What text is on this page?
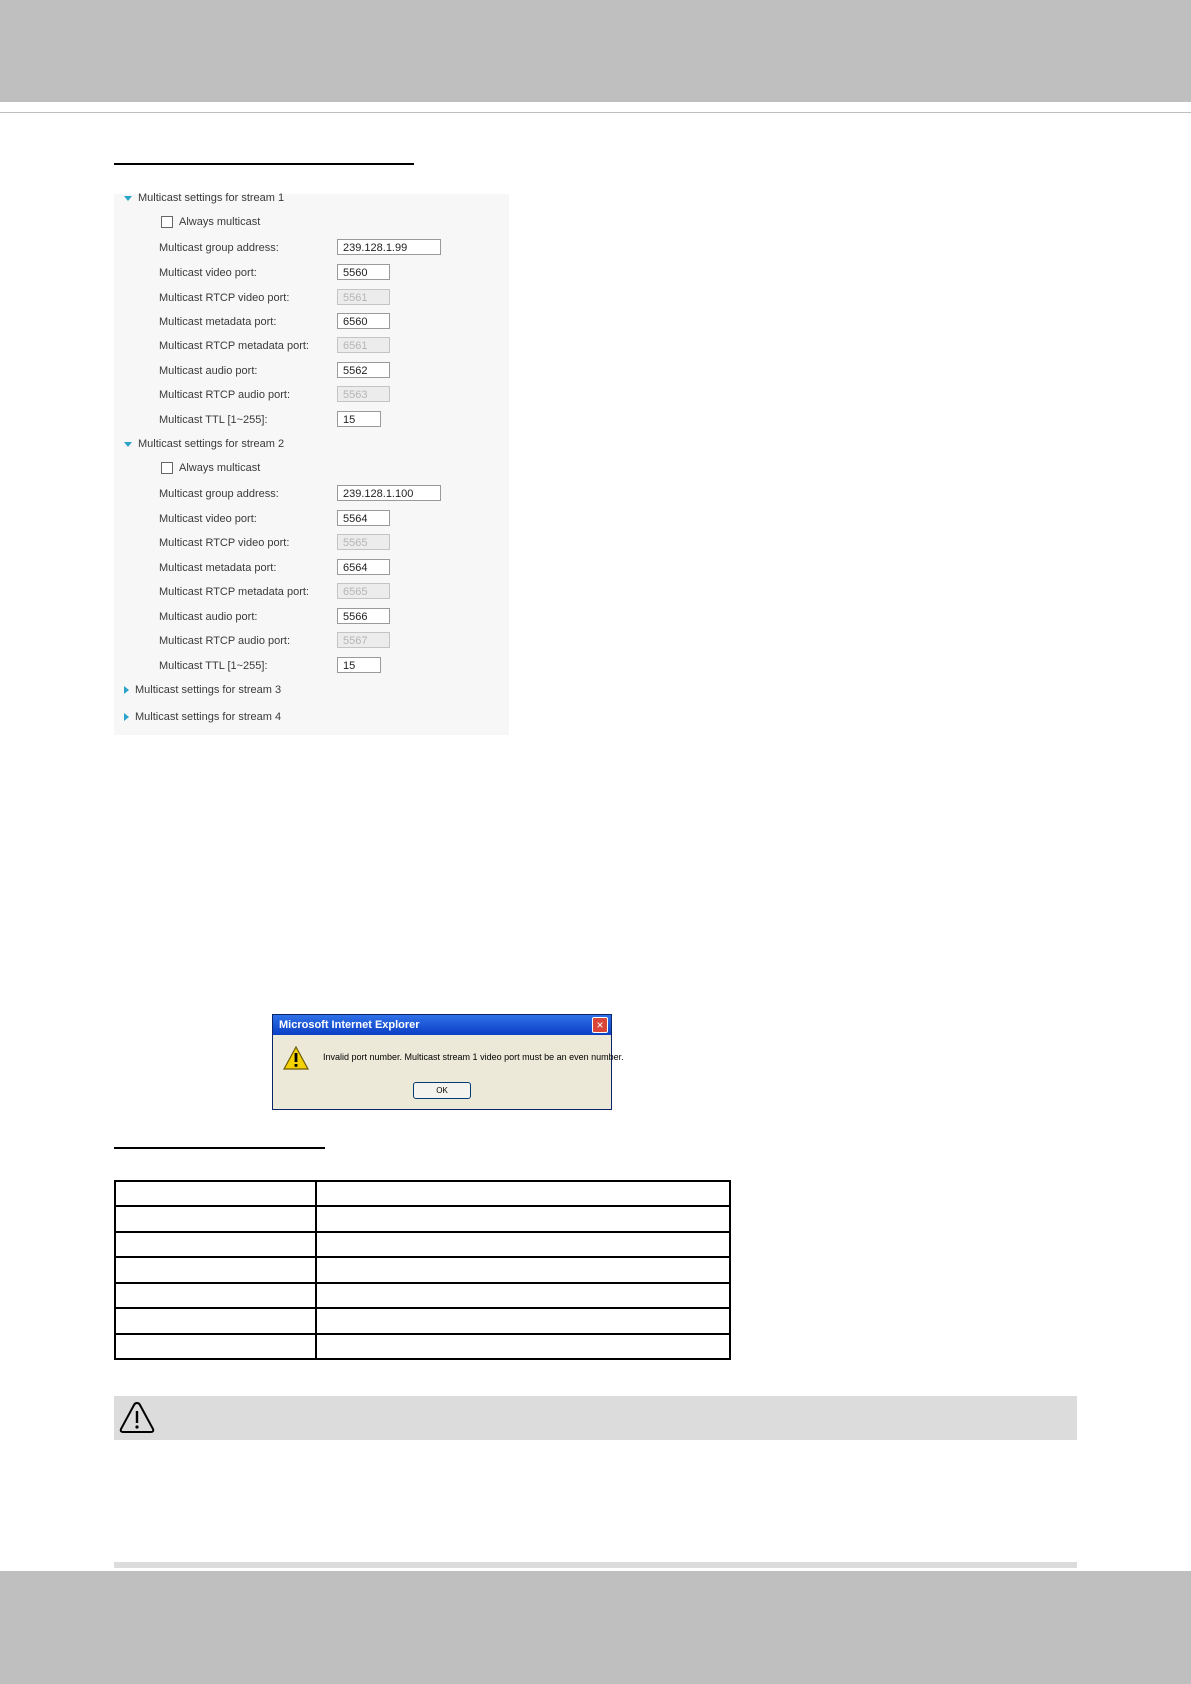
Multicast settings for stream 1
Always multicast
Multicast group address:	239.128.1.99
Multicast video port:	5560
Multicast RTCP video port:	5561
Multicast metadata port:	6560
Multicast RTCP metadata port:	6561
Multicast audio port:	5562
Multicast RTCP audio port:	5563
Multicast TTL [1~255]:	15
Multicast settings for stream 2
Always multicast
Multicast group address:	239.128.1.100
Multicast video port:	5564
Multicast RTCP video port:	5565
Multicast metadata port:	6564
Multicast RTCP metadata port:	6565
Multicast audio port:	5566
Multicast RTCP audio port:	5567
Multicast TTL [1~255]:	15
Multicast settings for stream 3
Multicast settings for stream 4
Microsoft Internet Explorer	×
Invalid port number. Multicast stream 1 video port must be an even number.
OK
